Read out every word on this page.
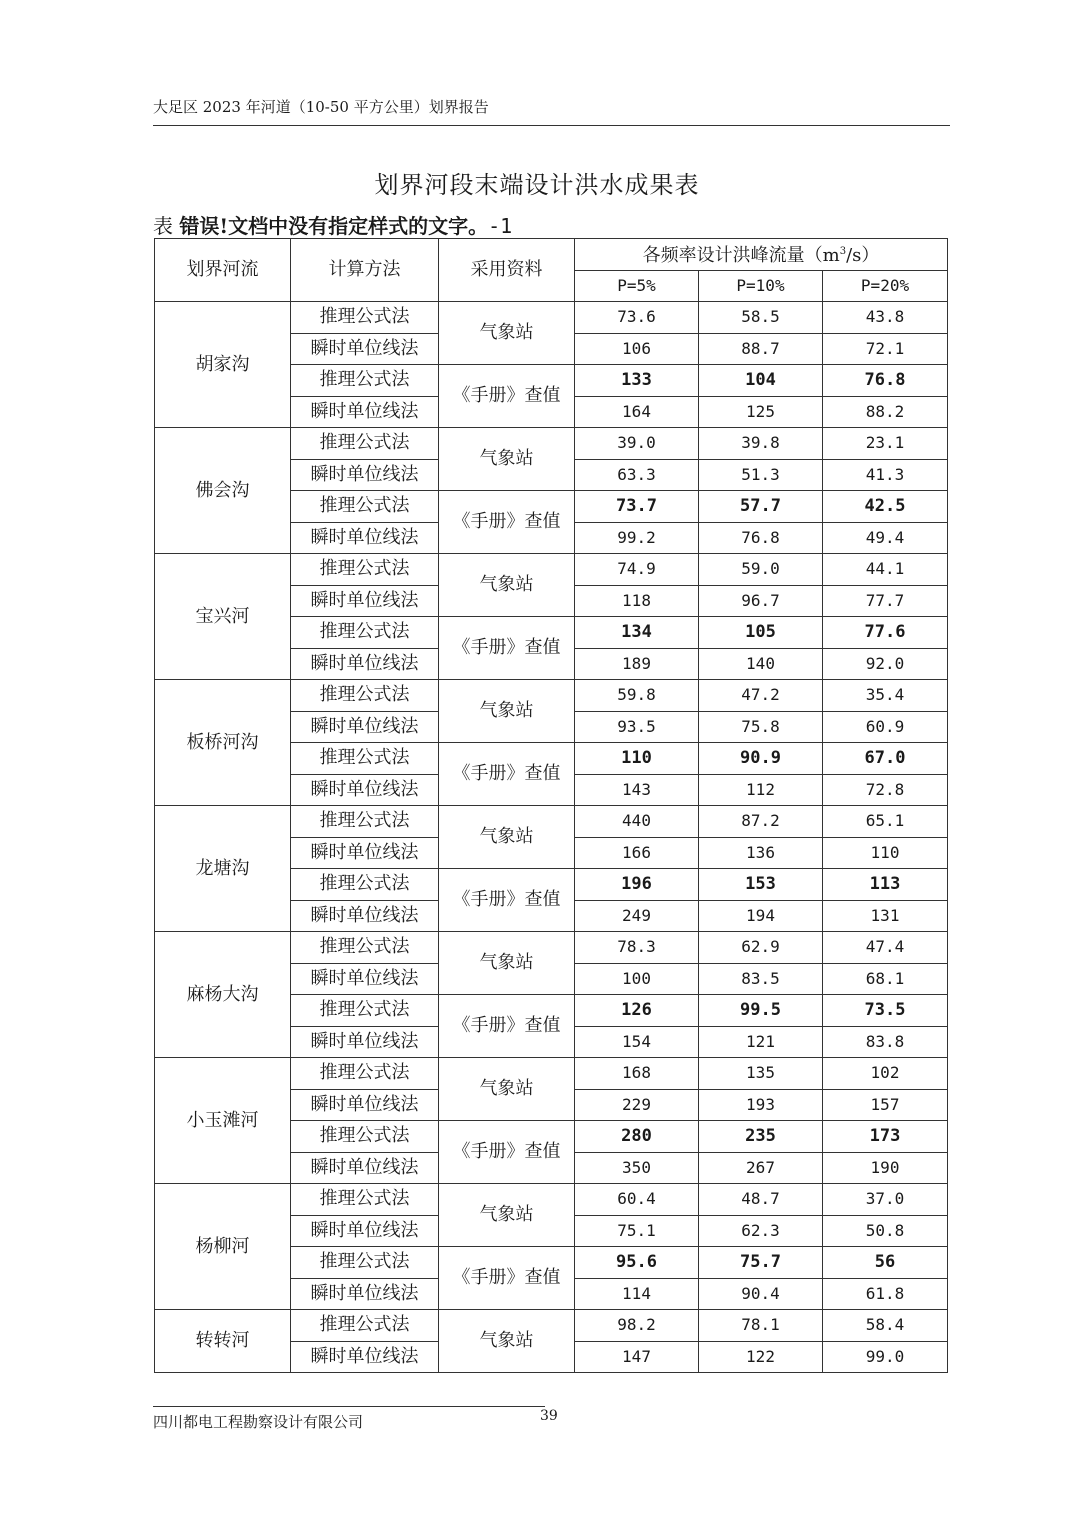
大足区 2023 年河道（10-50 平方公里）划界报告
划界河段末端设计洪水成果表
表 错误!文档中没有指定样式的文字。-1
划界河流	计算方法	采用资料	各频率设计洪峰流量$(m^3/s)$		
			P=5%	P=10%	P=20%
胡家沟	推理公式法	气象站	73.6	58.5	43.8
	瞬时单位线法		106	88.7	72.1
	推理公式法	《手册》查值	133	104	76.8
	瞬时单位线法		164	125	88.2
佛会沟	推理公式法	气象站	39.0	39.8	23.1
	瞬时单位线法		63.3	51.3	41.3
	推理公式法	《手册》查值	73.7	57.7	42.5
	瞬时单位线法		99.2	76.8	49.4
宝兴河	推理公式法	气象站	74.9	59.0	44.1
	瞬时单位线法		118	96.7	77.7
	推理公式法	《手册》查值	134	105	77.6
	瞬时单位线法		189	140	92.0
板桥河沟	推理公式法	气象站	59.8	47.2	35.4
	瞬时单位线法		93.5	75.8	60.9
	推理公式法	《手册》查值	110	90.9	67.0
	瞬时单位线法		143	112	72.8
龙塘沟	推理公式法	气象站	440	87.2	65.1
	瞬时单位线法		166	136	110
	推理公式法	《手册》查值	196	153	113
	瞬时单位线法		249	194	131
麻杨大沟	推理公式法	气象站	78.3	62.9	47.4
	瞬时单位线法		100	83.5	68.1
	推理公式法	《手册》查值	126	99.5	73.5
	瞬时单位线法		154	121	83.8
小玉滩河	推理公式法	气象站	168	135	102
	瞬时单位线法		229	193	157
	推理公式法	《手册》查值	280	235	173
	瞬时单位线法		350	267	190
杨柳河	推理公式法	气象站	60.4	48.7	37.0
	瞬时单位线法		75.1	62.3	50.8
	推理公式法	《手册》查值	95.6	75.7	56
	瞬时单位线法		114	90.4	61.8
转转河	推理公式法	气象站	98.2	78.1	58.4
	瞬时单位线法		147	122	99.0
四川都电工程勘察设计有限公司	39
